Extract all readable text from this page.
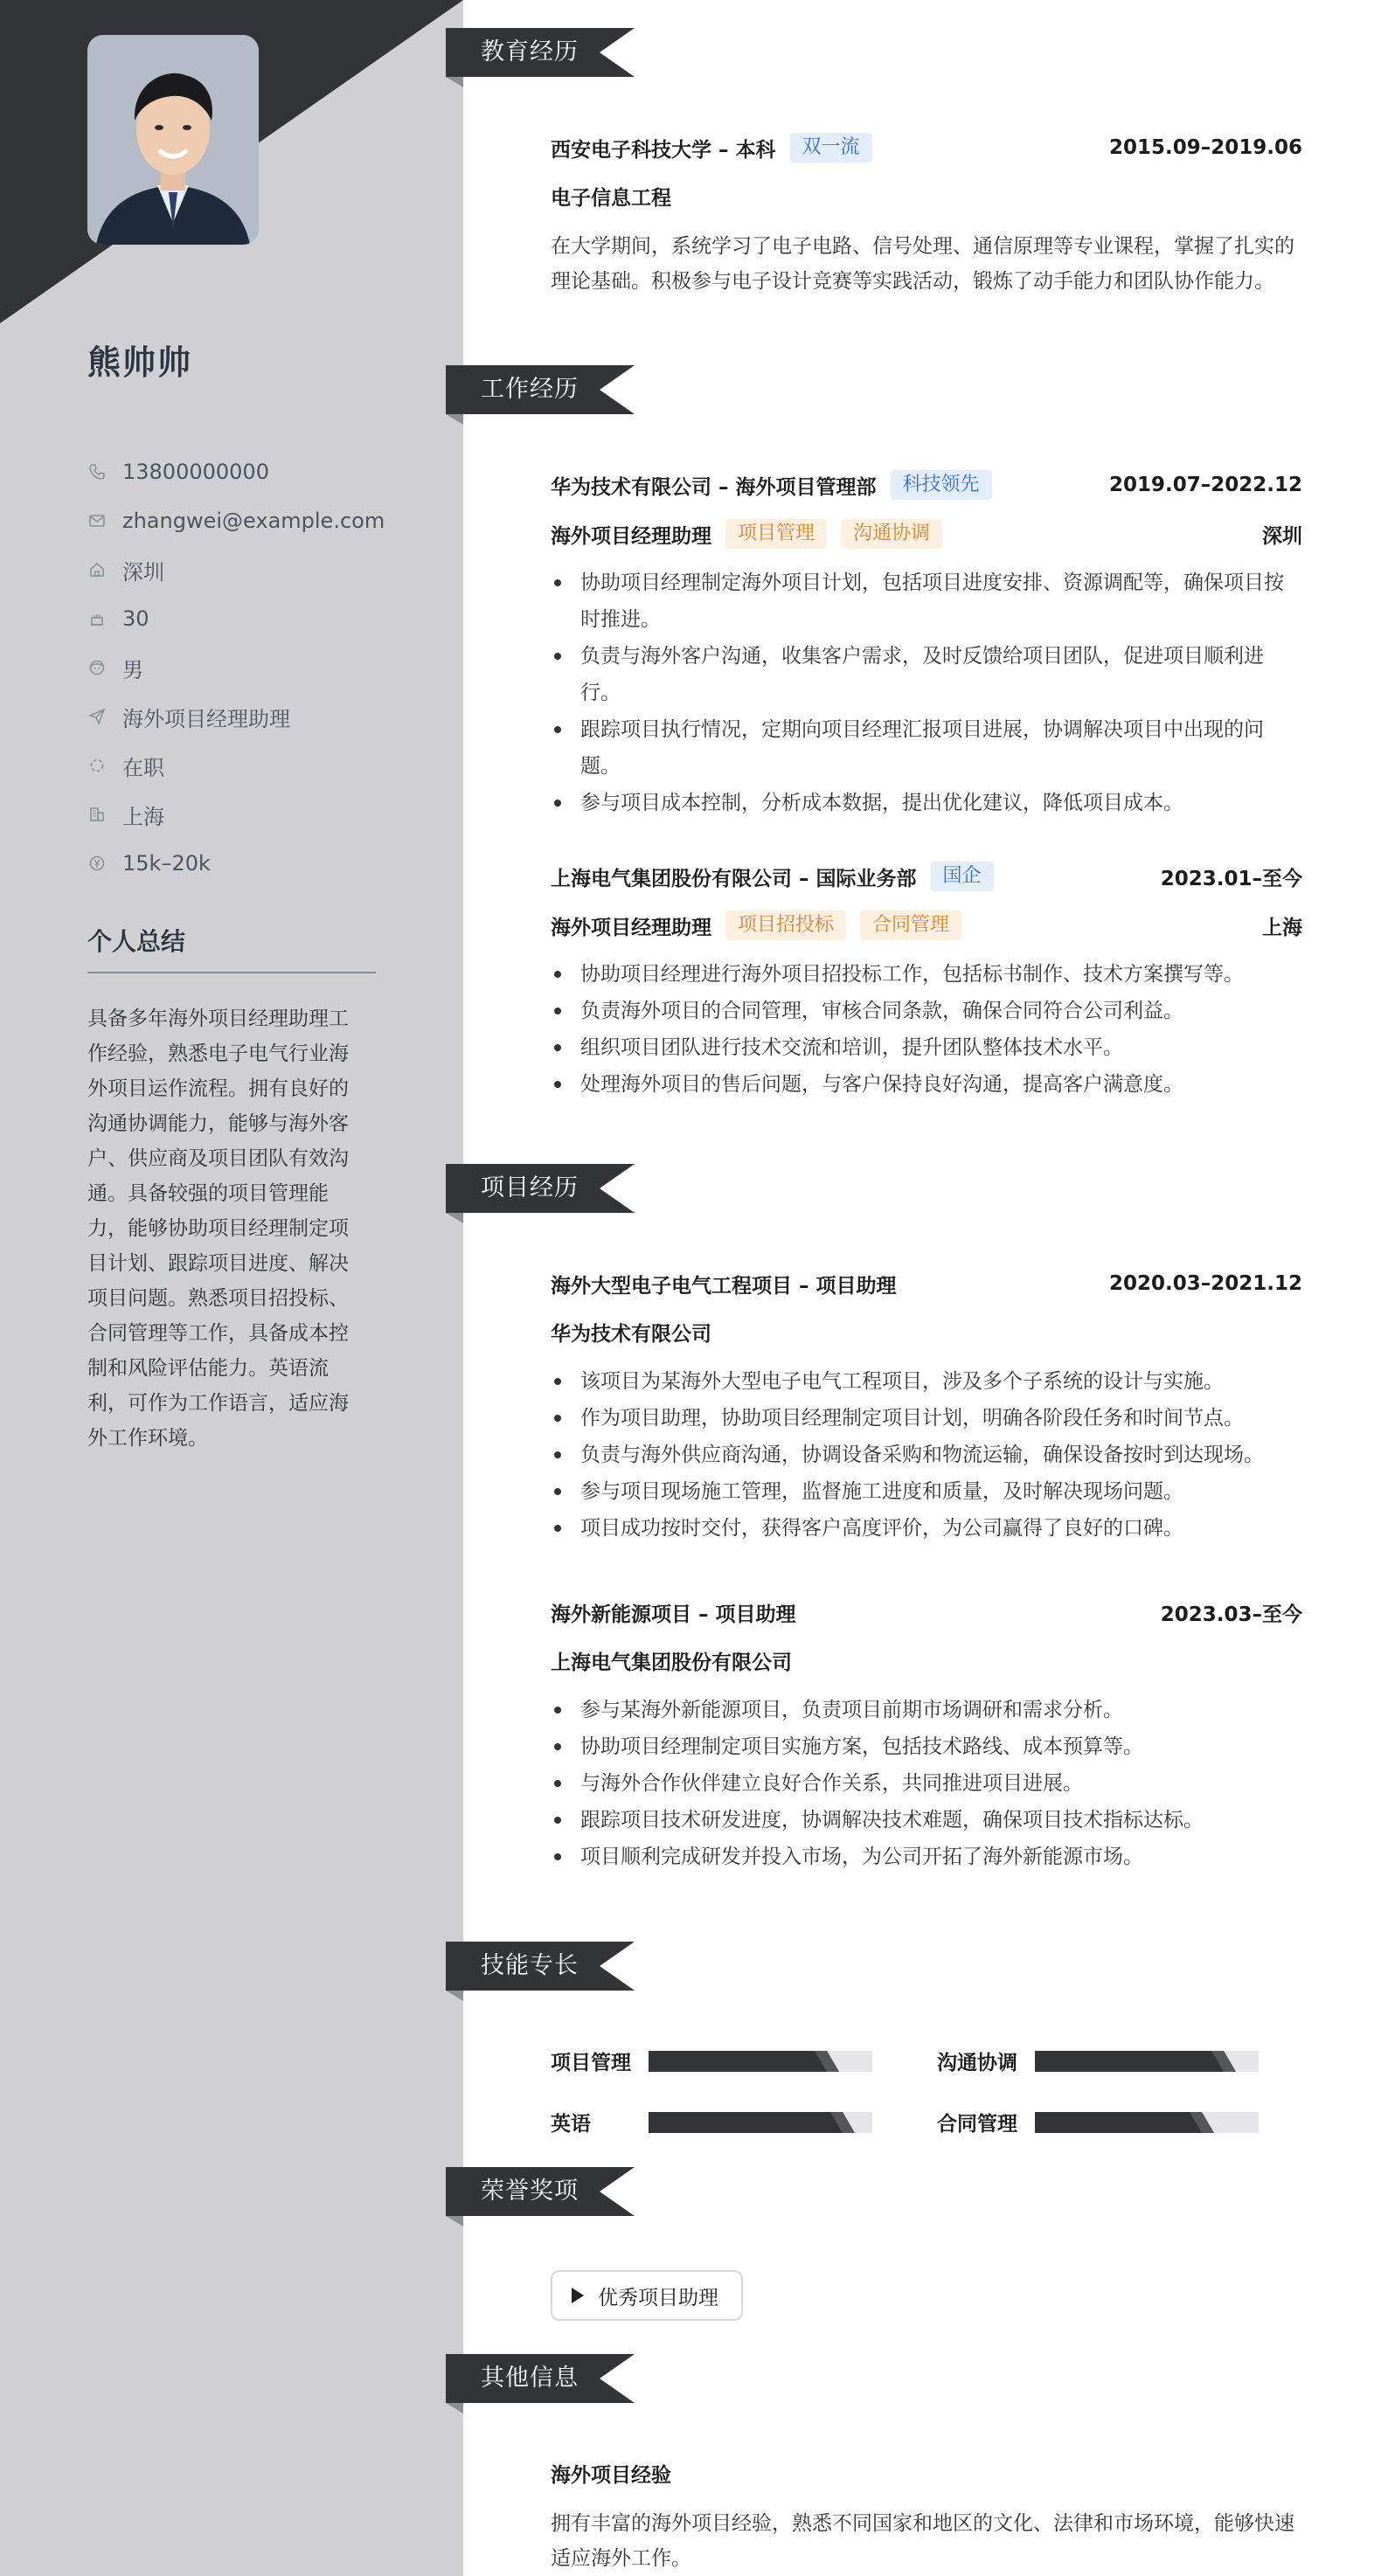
熊帅帅
13800000000
zhangwei@example.com
深圳
30
男
海外项目经理助理
在职
上海
15k–20k
个人总结
具备多年海外项目经理助理工作经验，熟悉电子电气行业海外项目运作流程。拥有良好的沟通协调能力，能够与海外客户、供应商及项目团队有效沟通。具备较强的项目管理能力，能够协助项目经理制定项目计划、跟踪项目进度、解决项目问题。熟悉项目招投标、合同管理等工作，具备成本控制和风险评估能力。英语流利，可作为工作语言，适应海外工作环境。
教育经历
工作经历
项目经历
技能专长
荣誉奖项
其他信息
西安电子科技大学 – 本科	双一流	2015.09–2019.06
电子信息工程
在大学期间，系统学习了电子电路、信号处理、通信原理等专业课程，掌握了扎实的理论基础。积极参与电子设计竞赛等实践活动，锻炼了动手能力和团队协作能力。
华为技术有限公司 – 海外项目管理部	科技领先	2019.07–2022.12
海外项目经理助理	项目管理	沟通协调	深圳
协助项目经理制定海外项目计划，包括项目进度安排、资源调配等，确保项目按时推进。
负责与海外客户沟通，收集客户需求，及时反馈给项目团队，促进项目顺利进行。
跟踪项目执行情况，定期向项目经理汇报项目进展，协调解决项目中出现的问题。
参与项目成本控制，分析成本数据，提出优化建议，降低项目成本。
上海电气集团股份有限公司 – 国际业务部	国企	2023.01–至今
海外项目经理助理	项目招投标	合同管理	上海
协助项目经理进行海外项目招投标工作，包括标书制作、技术方案撰写等。
负责海外项目的合同管理，审核合同条款，确保合同符合公司利益。
组织项目团队进行技术交流和培训，提升团队整体技术水平。
处理海外项目的售后问题，与客户保持良好沟通，提高客户满意度。
海外大型电子电气工程项目 – 项目助理	2020.03–2021.12
华为技术有限公司
该项目为某海外大型电子电气工程项目，涉及多个子系统的设计与实施。
作为项目助理，协助项目经理制定项目计划，明确各阶段任务和时间节点。
负责与海外供应商沟通，协调设备采购和物流运输，确保设备按时到达现场。
参与项目现场施工管理，监督施工进度和质量，及时解决现场问题。
项目成功按时交付，获得客户高度评价，为公司赢得了良好的口碑。
海外新能源项目 – 项目助理	2023.03–至今
上海电气集团股份有限公司
参与某海外新能源项目，负责项目前期市场调研和需求分析。
协助项目经理制定项目实施方案，包括技术路线、成本预算等。
与海外合作伙伴建立良好合作关系，共同推进项目进展。
跟踪项目技术研发进度，协调解决技术难题，确保项目技术指标达标。
项目顺利完成研发并投入市场，为公司开拓了海外新能源市场。
项目管理	沟通协调
英语	合同管理
优秀项目助理
海外项目经验
拥有丰富的海外项目经验，熟悉不同国家和地区的文化、法律和市场环境，能够快速适应海外工作。
